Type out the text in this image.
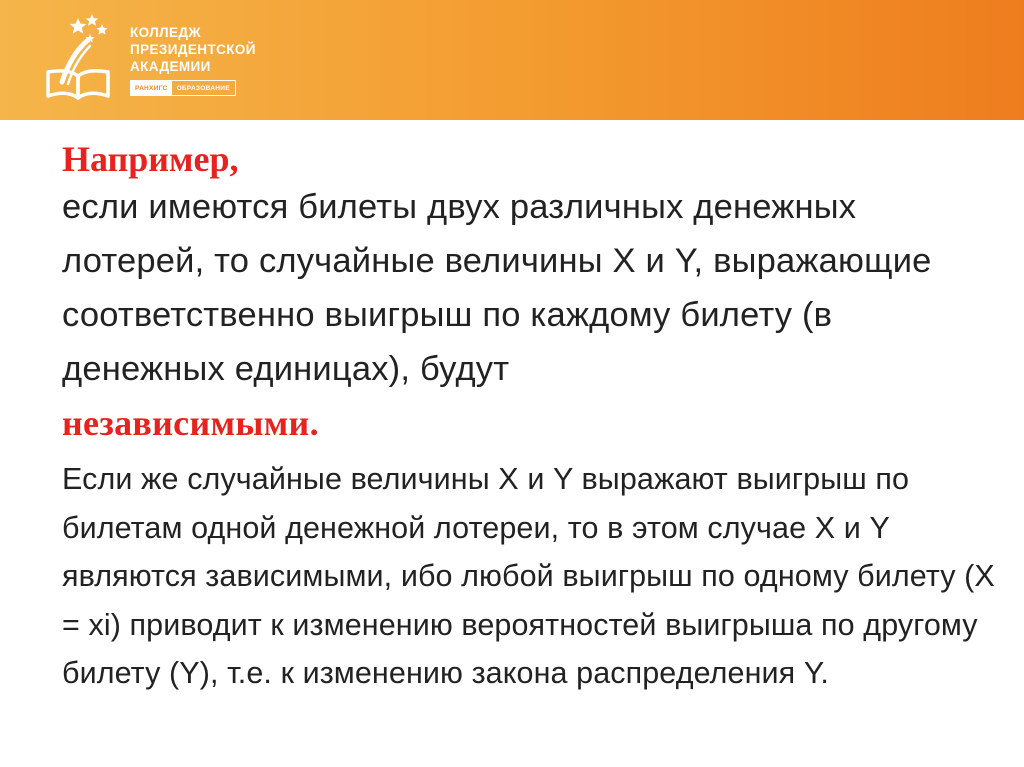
КОЛЛЕДЖ
ПРЕЗИДЕНТСКОЙ
АКАДЕМИИ
РАНХИГС	ОБРАЗОВАНИЕ

Например,

если имеются билеты двух различных денежных лотерей, то случайные величины X и Y, выражающие соответственно выигрыш по каждому билету (в денежных единицах), будут
независимыми.

Если же случайные величины X и Y выражают выигрыш по билетам одной денежной лотереи, то в этом случае X и Y являются зависимыми, ибо любой выигрыш по одному билету (X = xi) приводит к изменению вероятностей выигрыша по другому билету (Y), т.е. к изменению закона распределения Y.
